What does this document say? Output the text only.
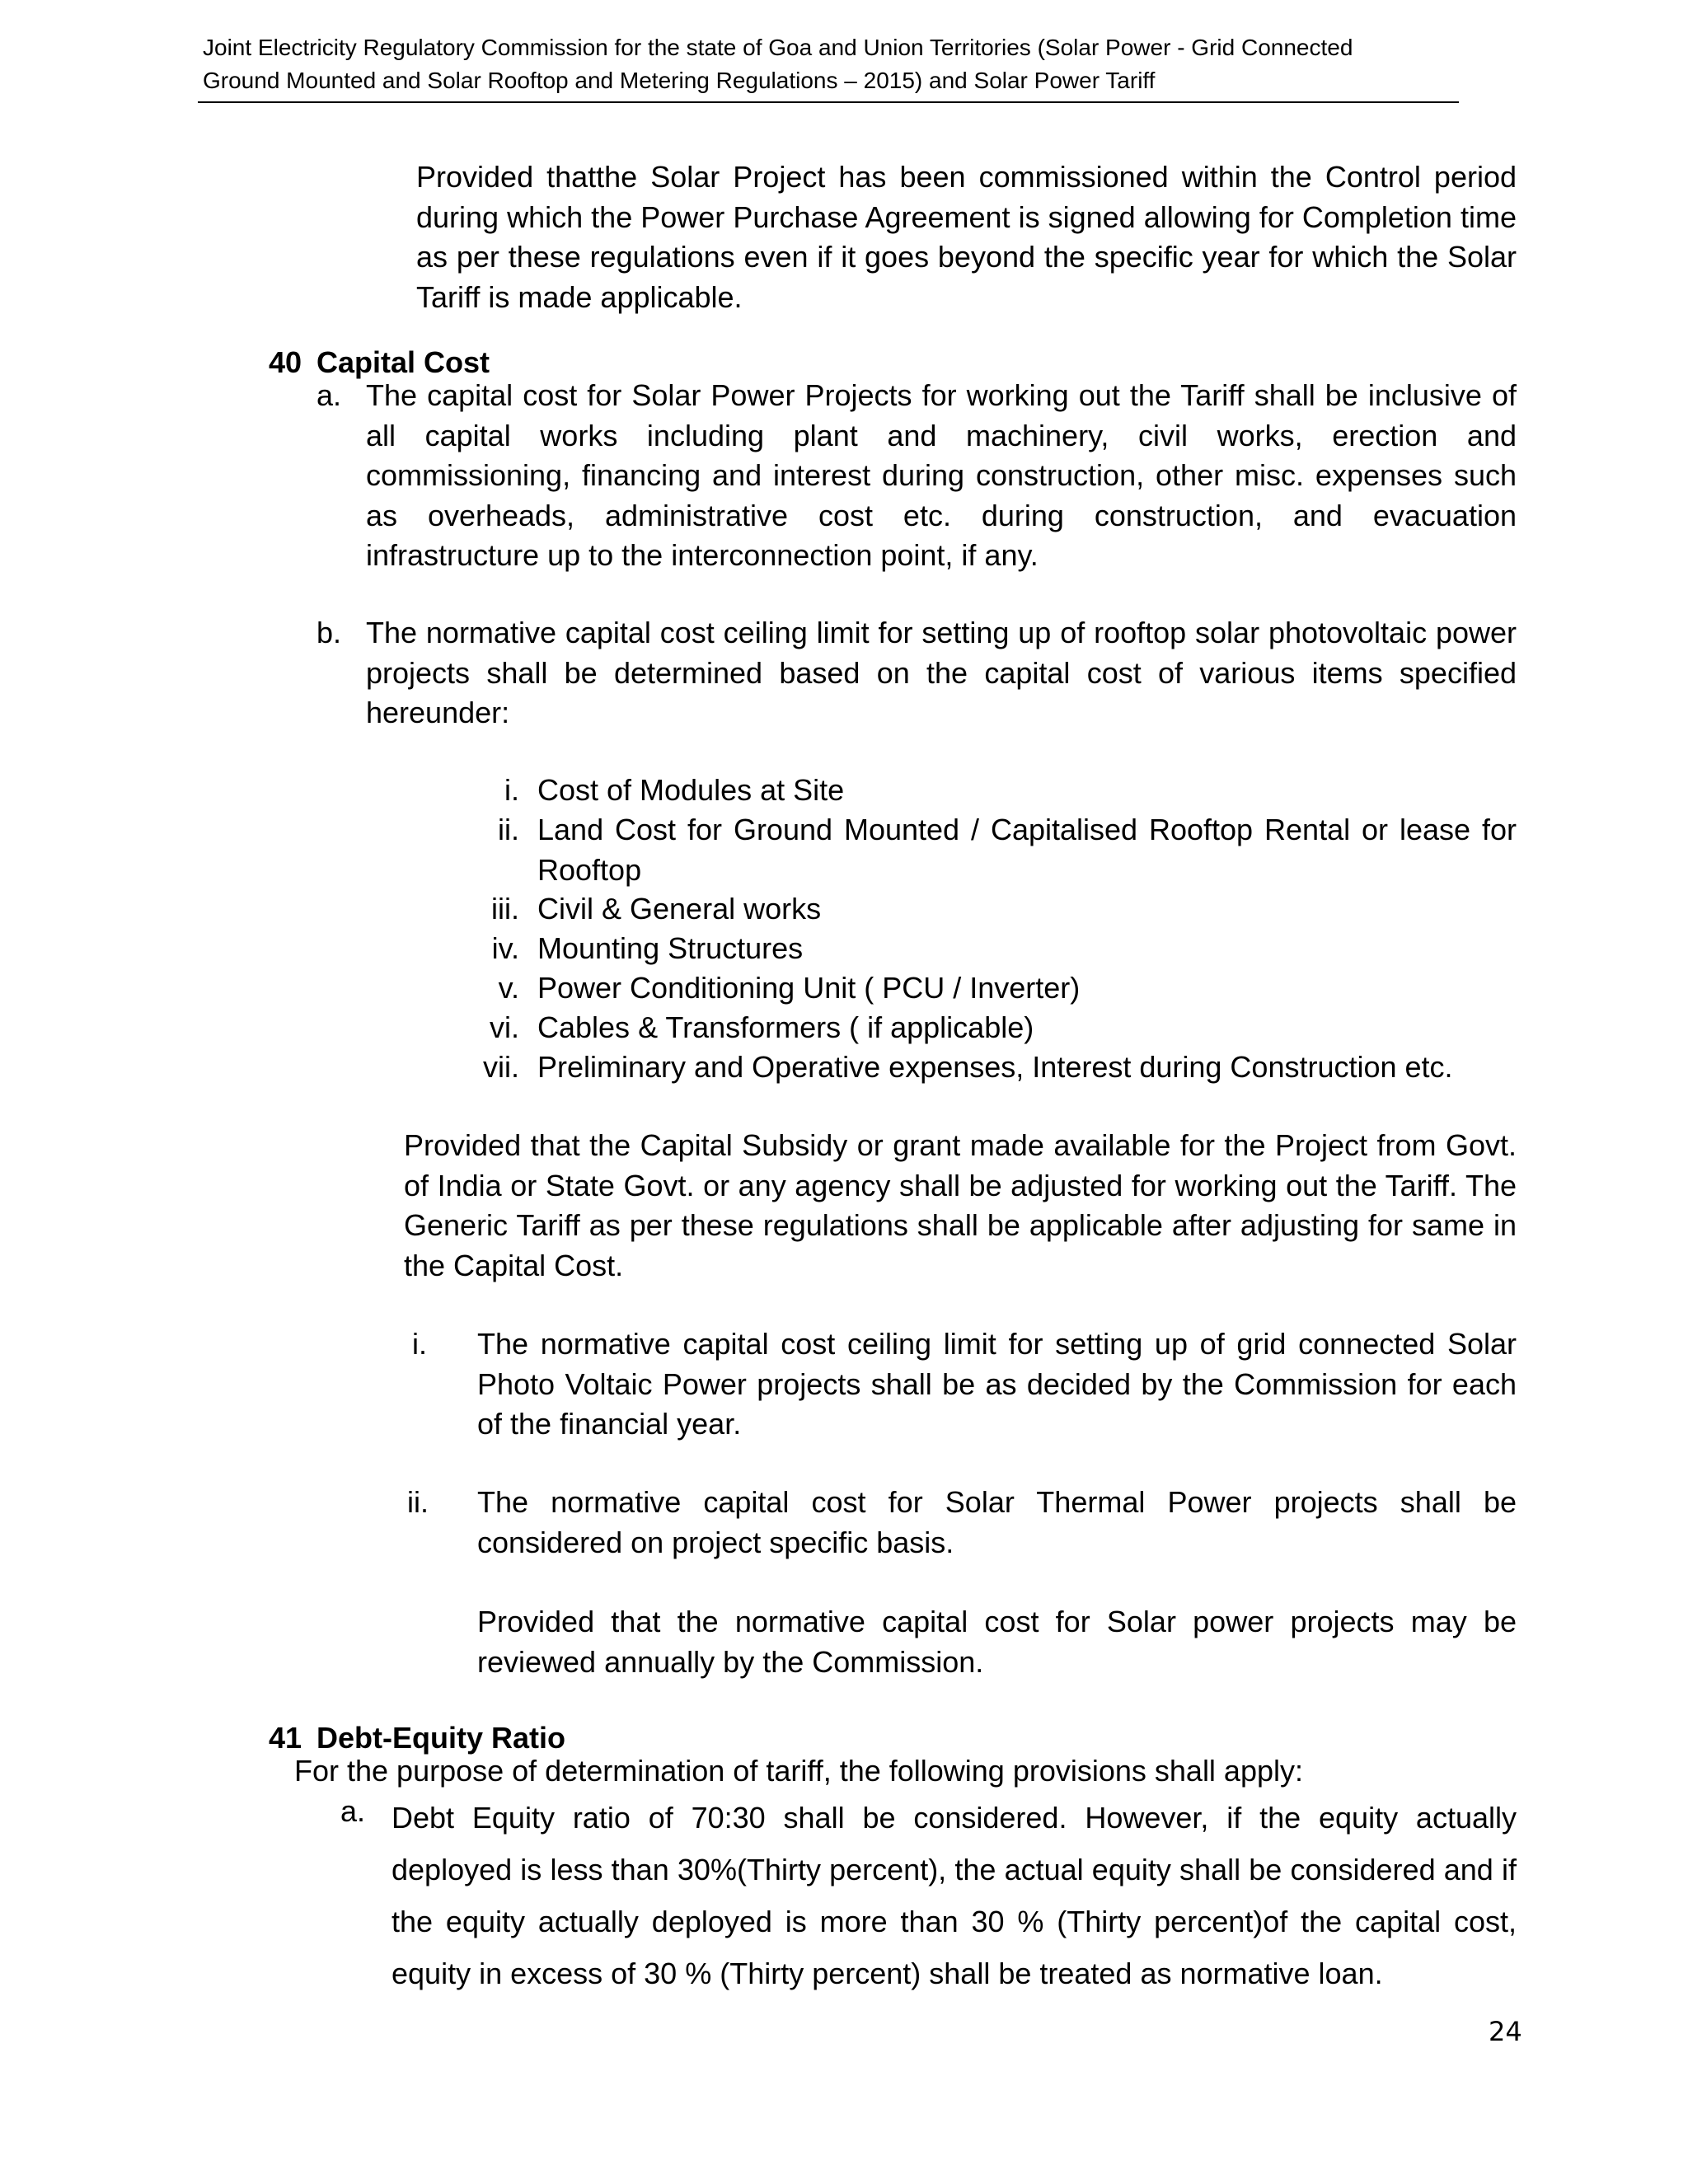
Joint Electricity Regulatory Commission for the state of Goa and Union Territories (Solar Power - Grid Connected
Ground Mounted and Solar Rooftop and Metering Regulations – 2015) and Solar Power Tariff
Provided thatthe Solar Project has been commissioned within the Control period during which the Power Purchase Agreement is signed allowing for Completion time as per these regulations even if it goes beyond the specific year for which the Solar Tariff is made applicable.
40 Capital Cost
a. The capital cost for Solar Power Projects for working out the Tariff shall be inclusive of all capital works including plant and machinery, civil works, erection and commissioning, financing and interest during construction, other misc. expenses such as overheads, administrative cost etc. during construction, and evacuation infrastructure up to the interconnection point, if any.
b. The normative capital cost ceiling limit for setting up of rooftop solar photovoltaic power projects shall be determined based on the capital cost of various items specified hereunder:
i. Cost of Modules at Site
ii. Land Cost for Ground Mounted / Capitalised Rooftop Rental or lease for Rooftop
iii. Civil & General works
iv. Mounting Structures
v. Power Conditioning Unit ( PCU / Inverter)
vi. Cables & Transformers ( if applicable)
vii. Preliminary and Operative expenses, Interest during Construction etc.
Provided that the Capital Subsidy or grant made available for the Project from Govt. of India or State Govt. or any agency shall be adjusted for working out the Tariff. The Generic Tariff as per these regulations shall be applicable after adjusting for same in the Capital Cost.
i. The normative capital cost ceiling limit for setting up of grid connected Solar Photo Voltaic Power projects shall be as decided by the Commission for each of the financial year.
ii. The normative capital cost for Solar Thermal Power projects shall be considered on project specific basis.
Provided that the normative capital cost for Solar power projects may be reviewed annually by the Commission.
41 Debt-Equity Ratio
For the purpose of determination of tariff, the following provisions shall apply:
a. Debt Equity ratio of 70:30 shall be considered. However, if the equity actually deployed is less than 30%(Thirty percent), the actual equity shall be considered and if the equity actually deployed is more than 30 % (Thirty percent)of the capital cost, equity in excess of 30 % (Thirty percent) shall be treated as normative loan.
24
